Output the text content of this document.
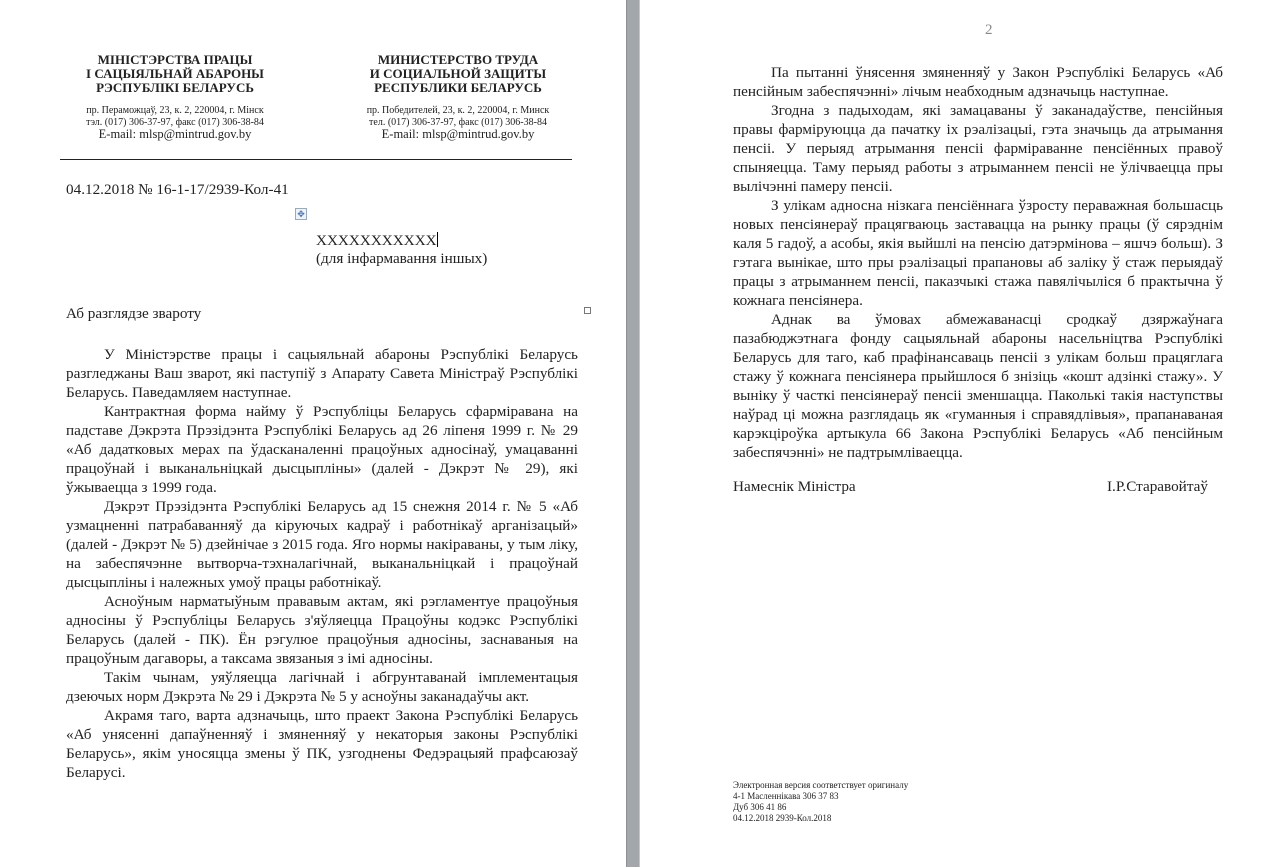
МІНІСТЭРСТВА ПРАЦЫ
І САЦЫЯЛЬНАЙ АБАРОНЫ
РЭСПУБЛІКІ БЕЛАРУСЬ
пр. Пераможцаў, 23, к. 2, 220004, г. Мінск
тэл. (017) 306-37-97, факс (017) 306-38-84
E-mail: mlsp@mintrud.gov.by
МИНИСТЕРСТВО ТРУДА
И СОЦИАЛЬНОЙ ЗАЩИТЫ
РЕСПУБЛИКИ БЕЛАРУСЬ
пр. Победителей, 23, к. 2, 220004, г. Минск
тел. (017) 306-37-97, факс (017) 306-38-84
E-mail: mlsp@mintrud.gov.by
04.12.2018 № 16-1-17/2939-Кол-41
✥
XXXXXXXXXXX
(для інфармавання іншых)
Аб разглядзе звароту

У Міністэрстве працы і сацыяльнай абароны Рэспублікі Беларусь разгледжаны Ваш зварот, які паступіў з Апарату Савета Міністраў Рэспублікі Беларусь. Паведамляем наступнае.

Кантрактная форма найму ў Рэспубліцы Беларусь сфарміравана на падставе Дэкрэта Прэзідэнта Рэспублікі Беларусь ад 26 ліпеня 1999 г. № 29 «Аб дадатковых мерах па ўдасканаленні працоўных адносінаў, умацаванні працоўнай і выканальніцкай дысцыпліны» (далей - Дэкрэт № 29), які ўжываецца з 1999 года.

Дэкрэт Прэзідэнта Рэспублікі Беларусь ад 15 снежня 2014 г. № 5 «Аб узмацненні патрабаванняў да кіруючых кадраў і работнікаў арганізацый» (далей - Дэкрэт № 5) дзейнічае з 2015 года. Яго нормы накіраваны, у тым ліку, на забеспячэнне вытворча-тэхналагічнай, выканальніцкай і працоўнай дысцыпліны і належных умоў працы работнікаў.

Асноўным нарматыўным прававым актам, які рэгламентуе працоўныя адносіны ў Рэспубліцы Беларусь з'яўляецца Працоўны кодэкс Рэспублікі Беларусь (далей - ПК). Ён рэгулюе працоўныя адносіны, заснаваныя на працоўным дагаворы, а таксама звязаныя з імі адносіны.

Такім чынам, уяўляецца лагічнай і абгрунтаванай імплементацыя дзеючых норм Дэкрэта № 29 і Дэкрэта № 5 у асноўны заканадаўчы акт.

Акрамя таго, варта адзначыць, што праект Закона Рэспублікі Беларусь «Аб унясенні дапаўненняў і змяненняў у некаторыя законы Рэспублікі Беларусь», якім уносяцца змены ў ПК, узгоднены Федэрацыяй прафсаюзаў Беларусі.

2

Па пытанні ўнясення змяненняў у Закон Рэспублікі Беларусь «Аб пенсійным забеспячэнні» лічым неабходным адзначыць наступнае.

Згодна з падыходам, які замацаваны ў заканадаўстве, пенсійныя правы фарміруюцца да пачатку іх рэалізацыі, гэта значыць да атрымання пенсіі. У перыяд атрымання пенсіі фарміраванне пенсіённых правоў спыняецца. Таму перыяд работы з атрыманнем пенсіі не ўлічваецца пры вылічэнні памеру пенсіі.

З улікам адносна нізкага пенсіённага ўзросту пераважная большасць новых пенсіянераў працягваюць заставацца на рынку працы (ў сярэднім каля 5 гадоў, а асобы, якія выйшлі на пенсію датэрмінова – яшчэ больш). З гэтага вынікае, што пры рэалізацыі прапановы аб заліку ў стаж перыядаў працы з атрыманнем пенсіі, паказчыкі стажа павялічыліся б практычна ў кожнага пенсіянера.

Аднак ва ўмовах абмежаванасці сродкаў дзяржаўнага пазабюджэтнага фонду сацыяльнай абароны насельніцтва Рэспублікі Беларусь для таго, каб прафінансаваць пенсіі з улікам больш працяглага стажу ў кожнага пенсіянера прыйшлося б знізіць «кошт адзінкі стажу». У выніку ў часткі пенсіянераў пенсіі зменшацца. Паколькі такія наступствы наўрад ці можна разглядаць як «гуманныя і справядлівыя», прапанаваная карэкціроўка артыкула 66 Закона Рэспублікі Беларусь «Аб пенсійным забеспячэнні» не падтрымліваецца.

Намеснік Міністра	І.Р.Старавойтаў
Электронная версия соответствует оригиналу
4-1 Масленнікава 306 37 83
Дуб 306 41 86
04.12.2018 2939-Кол.2018
